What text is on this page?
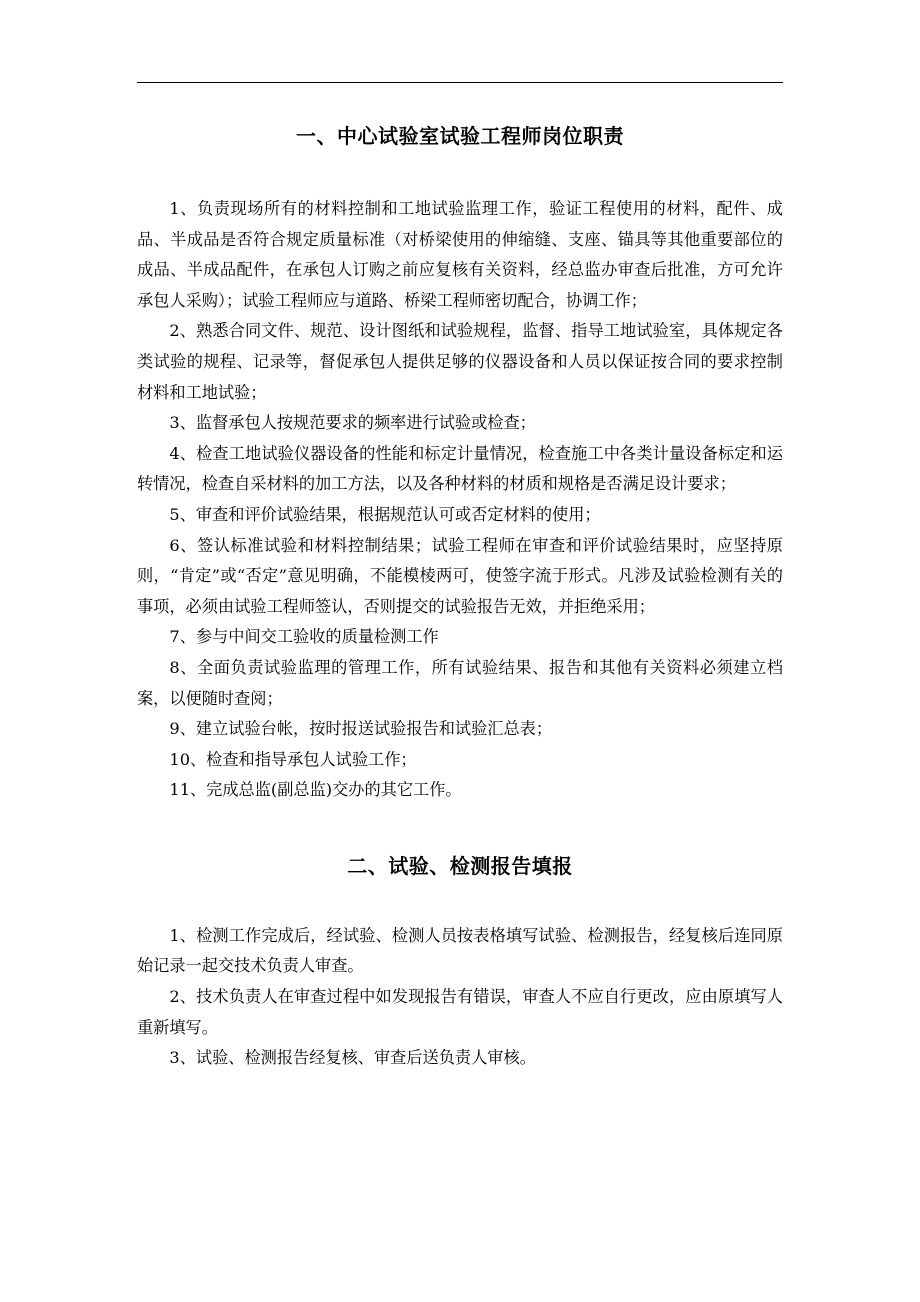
一、中心试验室试验工程师岗位职责

1、负责现场所有的材料控制和工地试验监理工作，验证工程使用的材料，配件、成品、半成品是否符合规定质量标准（对桥梁使用的伸缩缝、支座、锚具等其他重要部位的成品、半成品配件，在承包人订购之前应复核有关资料，经总监办审查后批准，方可允许承包人采购）；试验工程师应与道路、桥梁工程师密切配合，协调工作；

2、熟悉合同文件、规范、设计图纸和试验规程，监督、指导工地试验室，具体规定各类试验的规程、记录等，督促承包人提供足够的仪器设备和人员以保证按合同的要求控制材料和工地试验；

3、监督承包人按规范要求的频率进行试验或检查；

4、检查工地试验仪器设备的性能和标定计量情况，检查施工中各类计量设备标定和运转情况，检查自采材料的加工方法，以及各种材料的材质和规格是否满足设计要求；

5、审查和评价试验结果，根据规范认可或否定材料的使用；

6、签认标准试验和材料控制结果；试验工程师在审查和评价试验结果时，应坚持原则，“肯定”或“否定”意见明确，不能模棱两可，使签字流于形式。凡涉及试验检测有关的事项，必须由试验工程师签认，否则提交的试验报告无效，并拒绝采用；

7、参与中间交工验收的质量检测工作

8、全面负责试验监理的管理工作，所有试验结果、报告和其他有关资料必须建立档案，以便随时查阅；

9、建立试验台帐，按时报送试验报告和试验汇总表；

10、检查和指导承包人试验工作；

11、完成总监(副总监)交办的其它工作。

二、试验、检测报告填报

1、检测工作完成后，经试验、检测人员按表格填写试验、检测报告，经复核后连同原始记录一起交技术负责人审查。

2、技术负责人在审查过程中如发现报告有错误，审查人不应自行更改，应由原填写人重新填写。

3、试验、检测报告经复核、审查后送负责人审核。
